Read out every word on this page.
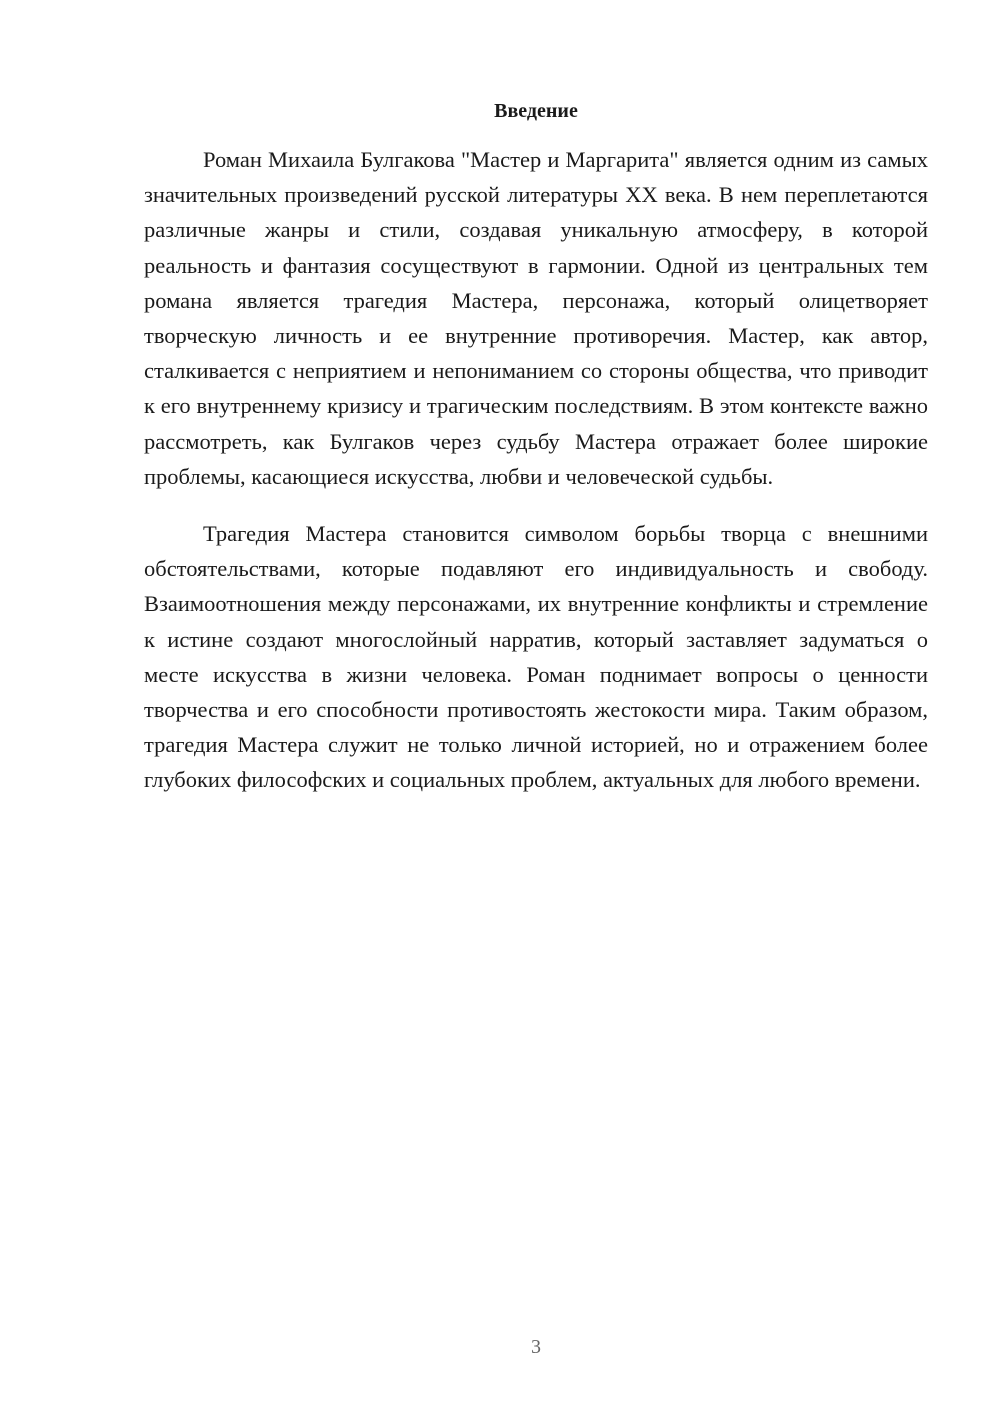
Введение

Роман Михаила Булгакова "Мастер и Маргарита" является одним из самых значительных произведений русской литературы XX века. В нем переплетаются различные жанры и стили, создавая уникальную атмосферу, в которой реальность и фантазия сосуществуют в гармонии. Одной из центральных тем романа является трагедия Мастера, персонажа, который олицетворяет творческую личность и ее внутренние противоречия. Мастер, как автор, сталкивается с неприятием и непониманием со стороны общества, что приводит к его внутреннему кризису и трагическим последствиям. В этом контексте важно рассмотреть, как Булгаков через судьбу Мастера отражает более широкие проблемы, касающиеся искусства, любви и человеческой судьбы.

Трагедия Мастера становится символом борьбы творца с внешними обстоятельствами, которые подавляют его индивидуальность и свободу. Взаимоотношения между персонажами, их внутренние конфликты и стремление к истине создают многослойный нарратив, который заставляет задуматься о месте искусства в жизни человека. Роман поднимает вопросы о ценности творчества и его способности противостоять жестокости мира. Таким образом, трагедия Мастера служит не только личной историей, но и отражением более глубоких философских и социальных проблем, актуальных для любого времени.

3
